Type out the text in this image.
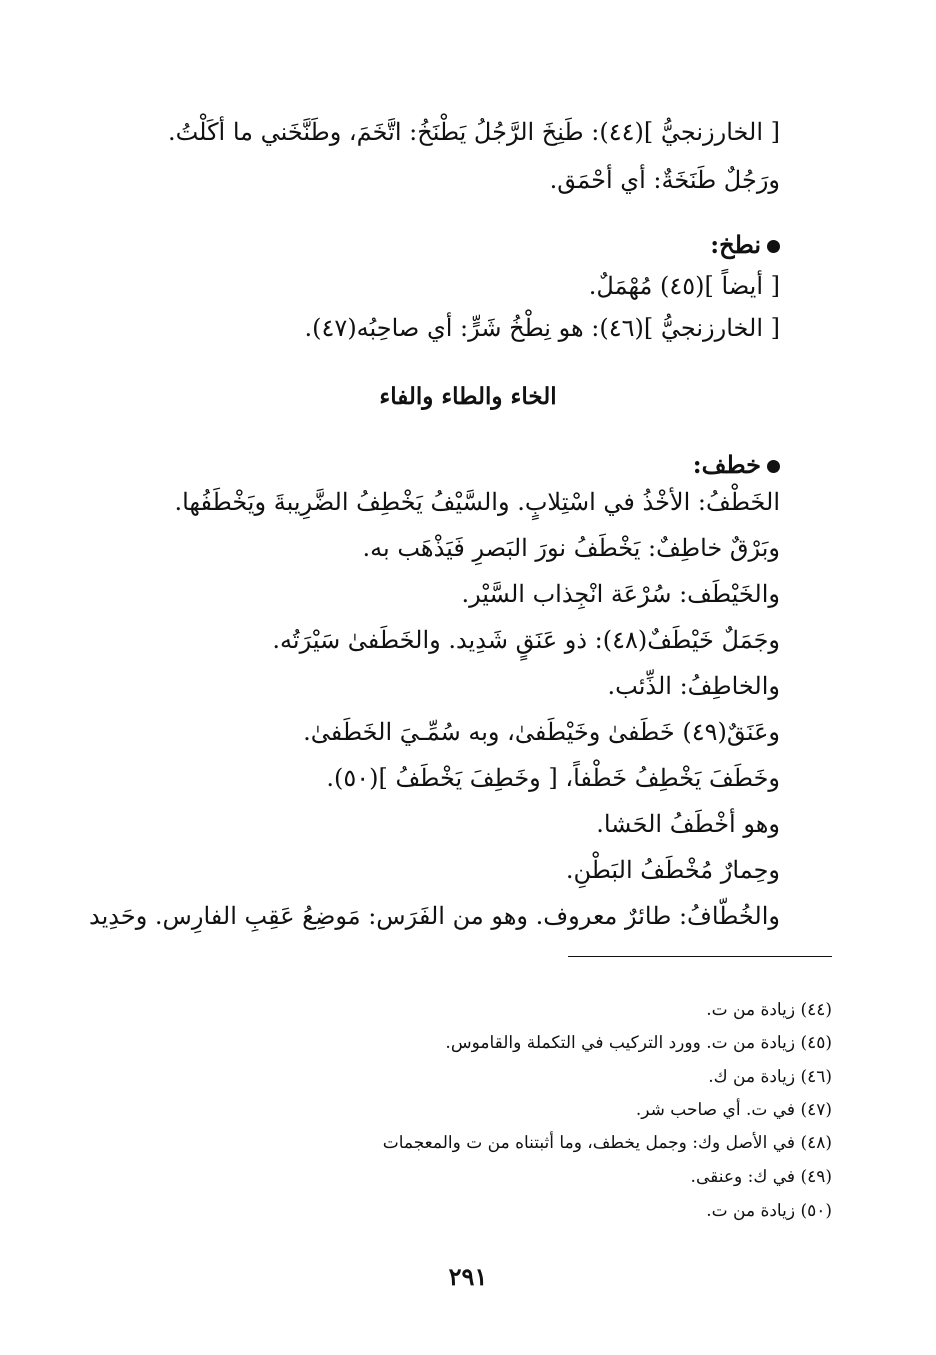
[ الخارزنجيُّ ](٤٤): طَنِخَ الرَّجُلُ يَطْنَخُ: اتَّخَمَ، وطَنَّخَني ما أكَلْتُ.
ورَجُلٌ طَنَخَةٌ: أي أحْمَق.
نطخ:
[ أيضاً ](٤٥) مُهْمَلٌ.
[ الخارزنجيُّ ](٤٦): هو نِطْخُ شَرٍّ: أي صاحِبُه(٤٧).
الخاء والطاء والفاء
خطف:
الخَطْفُ: الأخْذُ في اسْتِلابٍ. والسَّيْفُ يَخْطِفُ الضَّرِيبةَ ويَخْطَفُها.
وبَرْقٌ خاطِفٌ: يَخْطَفُ نورَ البَصرِ فَيَذْهَب به.
والخَيْطَف: سُرْعَة انْجِذاب السَّيْر.
وجَمَلٌ خَيْطَفٌ(٤٨): ذو عَنَقٍ شَدِيد. والخَطَفىٰ سَيْرَتُه.
والخاطِفُ: الذِّئب.
وعَنَقٌ(٤٩) خَطَفىٰ وخَيْطَفىٰ، وبه سُمِّـيَ الخَطَفىٰ.
وخَطَفَ يَخْطِفُ خَطْفاً، [ وخَطِفَ يَخْطَفُ ](٥٠).
وهو أخْطَفُ الحَشا.
وحِمارٌ مُخْطَفُ البَطْنِ.
والخُطّافُ: طائرٌ معروف. وهو من الفَرَس: مَوضِعُ عَقِبِ الفارِس. وحَدِيد
(٤٤) زيادة من ت.
(٤٥) زيادة من ت. وورد التركيب في التكملة والقاموس.
(٤٦) زيادة من ك.
(٤٧) في ت. أي صاحب شر.
(٤٨) في الأصل وك: وجمل يخطف، وما أثبتناه من ت والمعجمات
(٤٩) في ك: وعنقى.
(٥٠) زيادة من ت.
٢٩١
